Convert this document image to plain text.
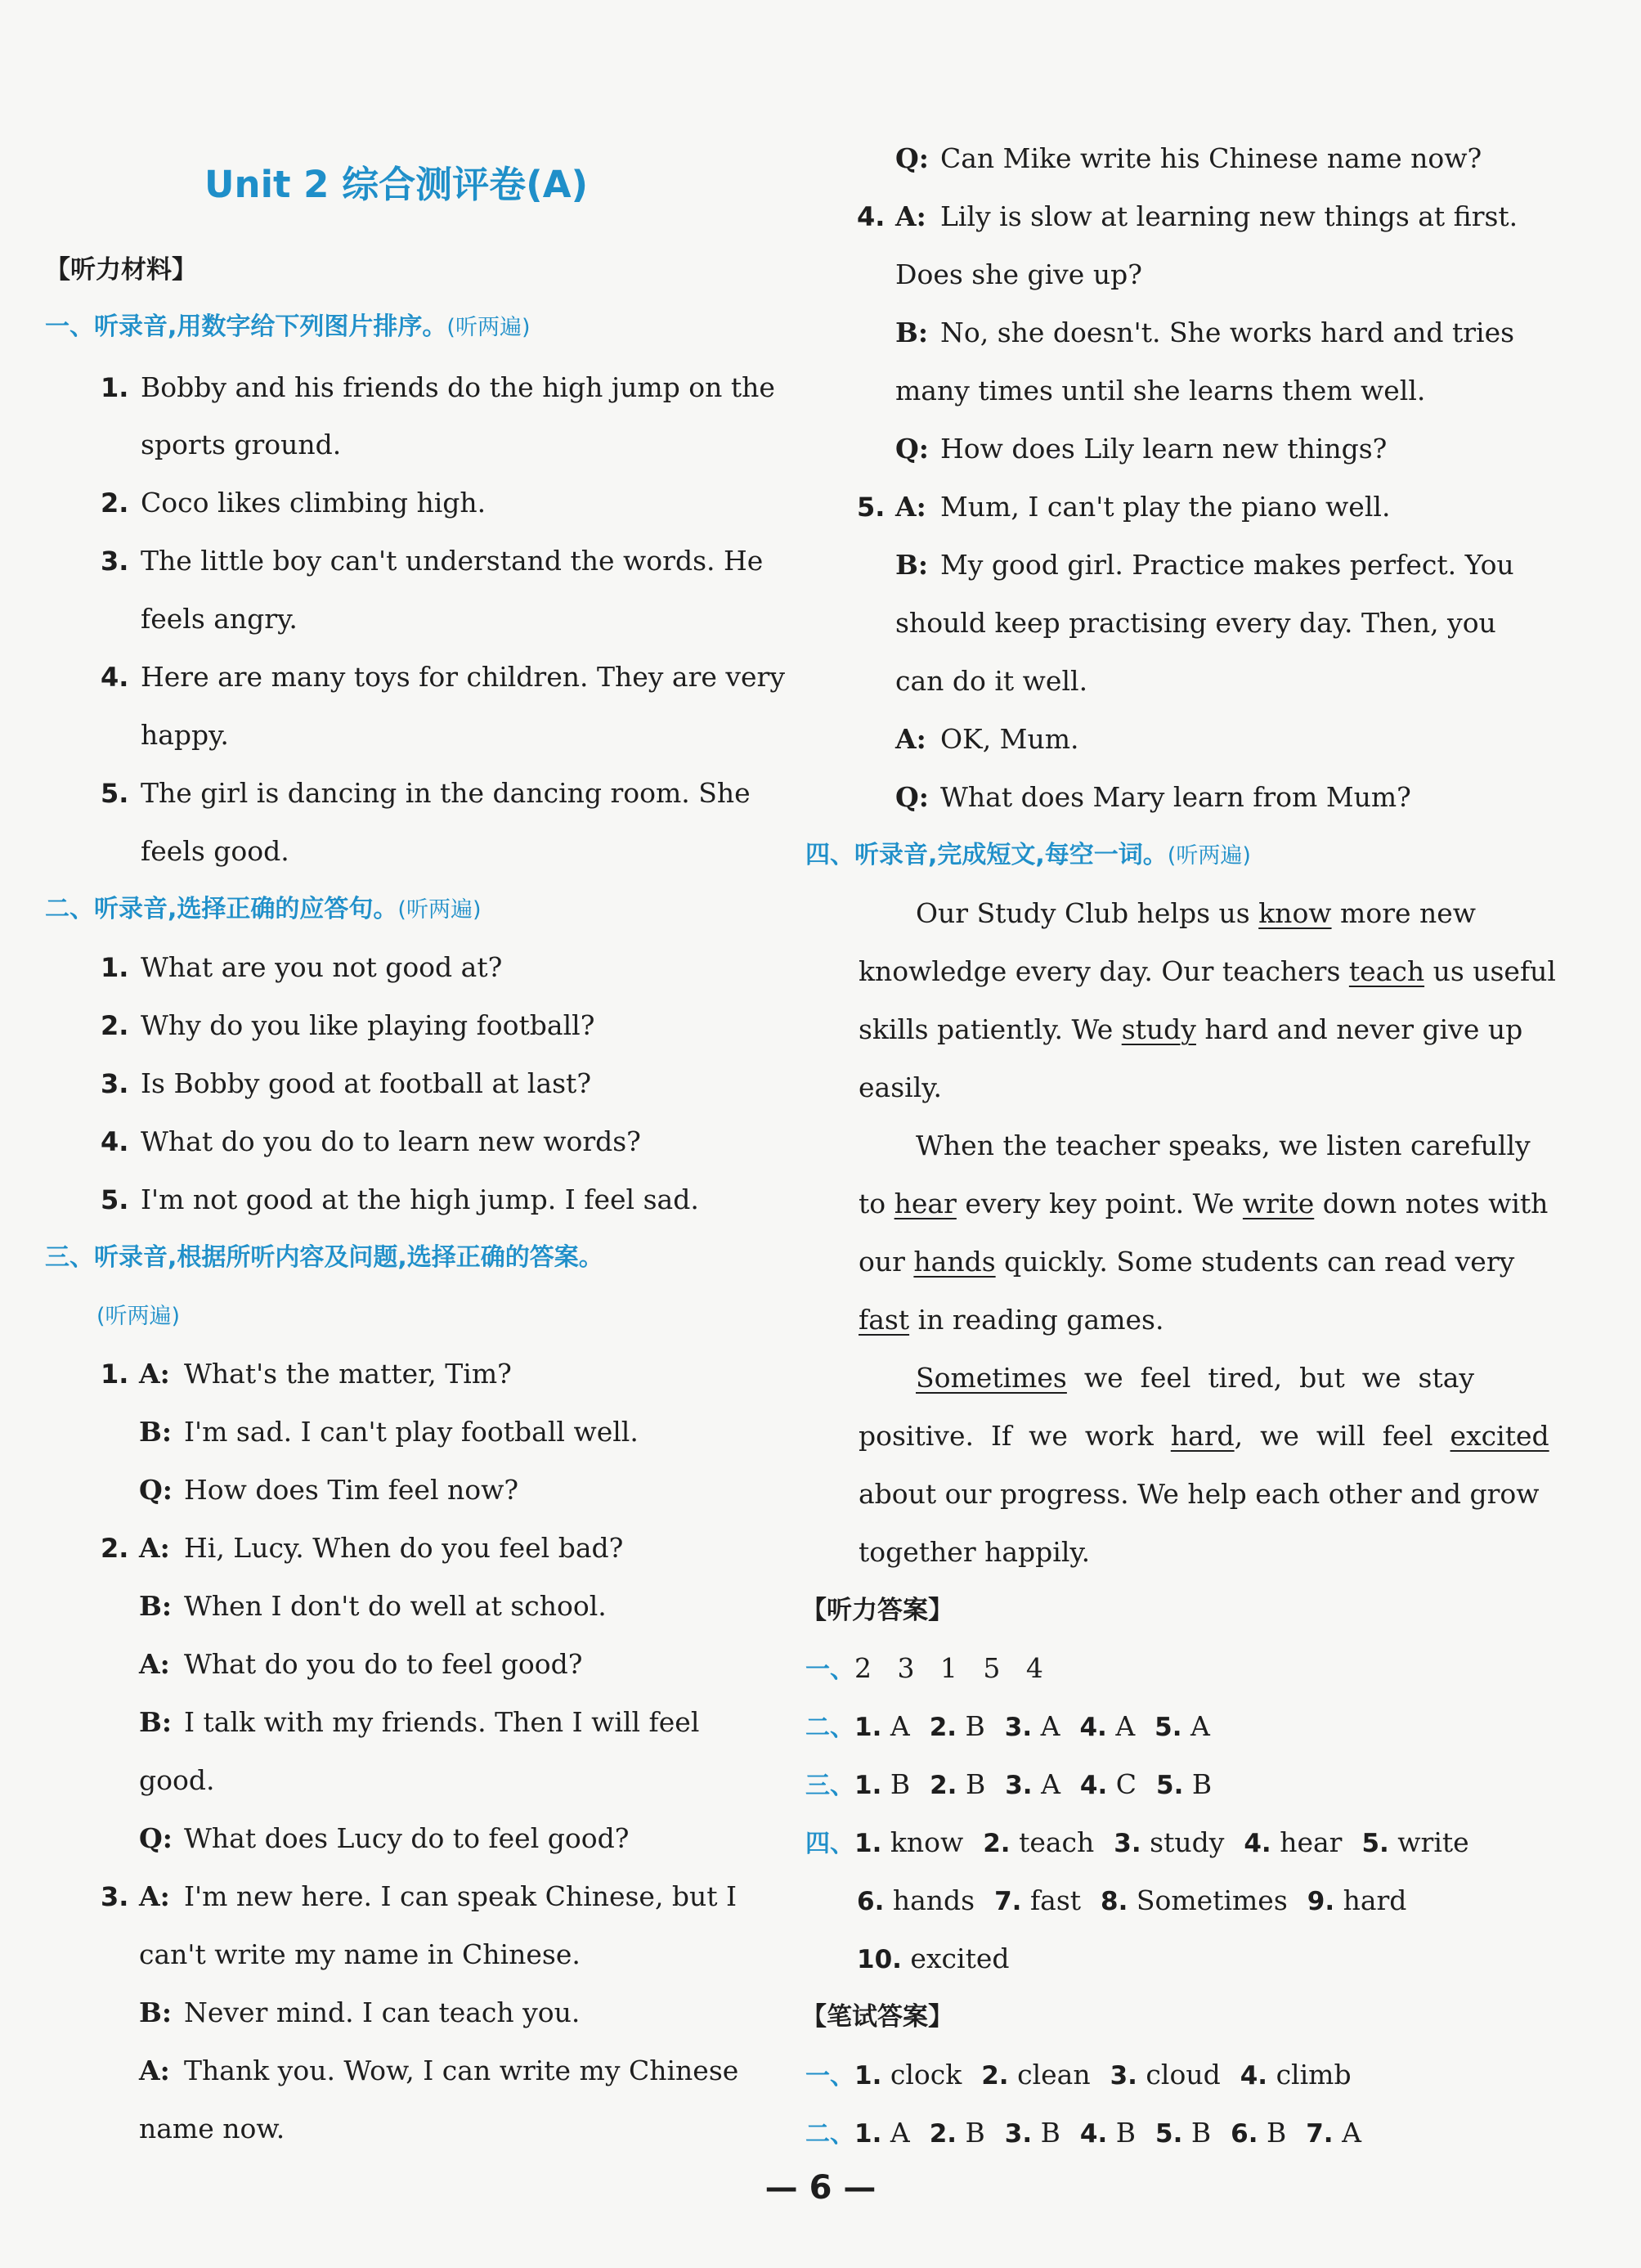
Unit 2 综合测评卷(A)
【听力材料】
一、听录音,用数字给下列图片排序。(听两遍)
1. Bobby and his friends do the high jump on the
sports ground.
2. Coco likes climbing high.
3. The little boy can't understand the words. He
feels angry.
4. Here are many toys for children. They are very
happy.
5. The girl is dancing in the dancing room. She
feels good.
二、听录音,选择正确的应答句。(听两遍)
1. What are you not good at?
2. Why do you like playing football?
3. Is Bobby good at football at last?
4. What do you do to learn new words?
5. I'm not good at the high jump. I feel sad.
三、听录音,根据所听内容及问题,选择正确的答案。
(听两遍)
1. A: What's the matter, Tim?
B: I'm sad. I can't play football well.
Q: How does Tim feel now?
2. A: Hi, Lucy. When do you feel bad?
B: When I don't do well at school.
A: What do you do to feel good?
B: I talk with my friends. Then I will feel
good.
Q: What does Lucy do to feel good?
3. A: I'm new here. I can speak Chinese, but I
can't write my name in Chinese.
B: Never mind. I can teach you.
A: Thank you. Wow, I can write my Chinese
name now.
Q: Can Mike write his Chinese name now?
4. A: Lily is slow at learning new things at first.
Does she give up?
B: No, she doesn't. She works hard and tries
many times until she learns them well.
Q: How does Lily learn new things?
5. A: Mum, I can't play the piano well.
B: My good girl. Practice makes perfect. You
should keep practising every day. Then, you
can do it well.
A: OK, Mum.
Q: What does Mary learn from Mum?
四、听录音,完成短文,每空一词。(听两遍)
Our Study Club helps us know more new
knowledge every day. Our teachers teach us useful
skills patiently. We study hard and never give up
easily.
When the teacher speaks, we listen carefully
to hear every key point. We write down notes with
our hands quickly. Some students can read very
fast in reading games.
Sometimes  we  feel  tired,  but  we  stay
positive.  If  we  work  hard,  we  will  feel  excited
about our progress. We help each other and grow
together happily.
【听力答案】
一、2   3   1   5   4
二、1. A 2. B 3. A 4. A 5. A
三、1. B 2. B 3. A 4. C 5. B
四、1. know 2. teach 3. study 4. hear 5. write
6. hands 7. fast 8. Sometimes 9. hard
10. excited
【笔试答案】
一、1. clock 2. clean 3. cloud 4. climb
二、1. A 2. B 3. B 4. B 5. B 6. B 7. A
— 6 —
